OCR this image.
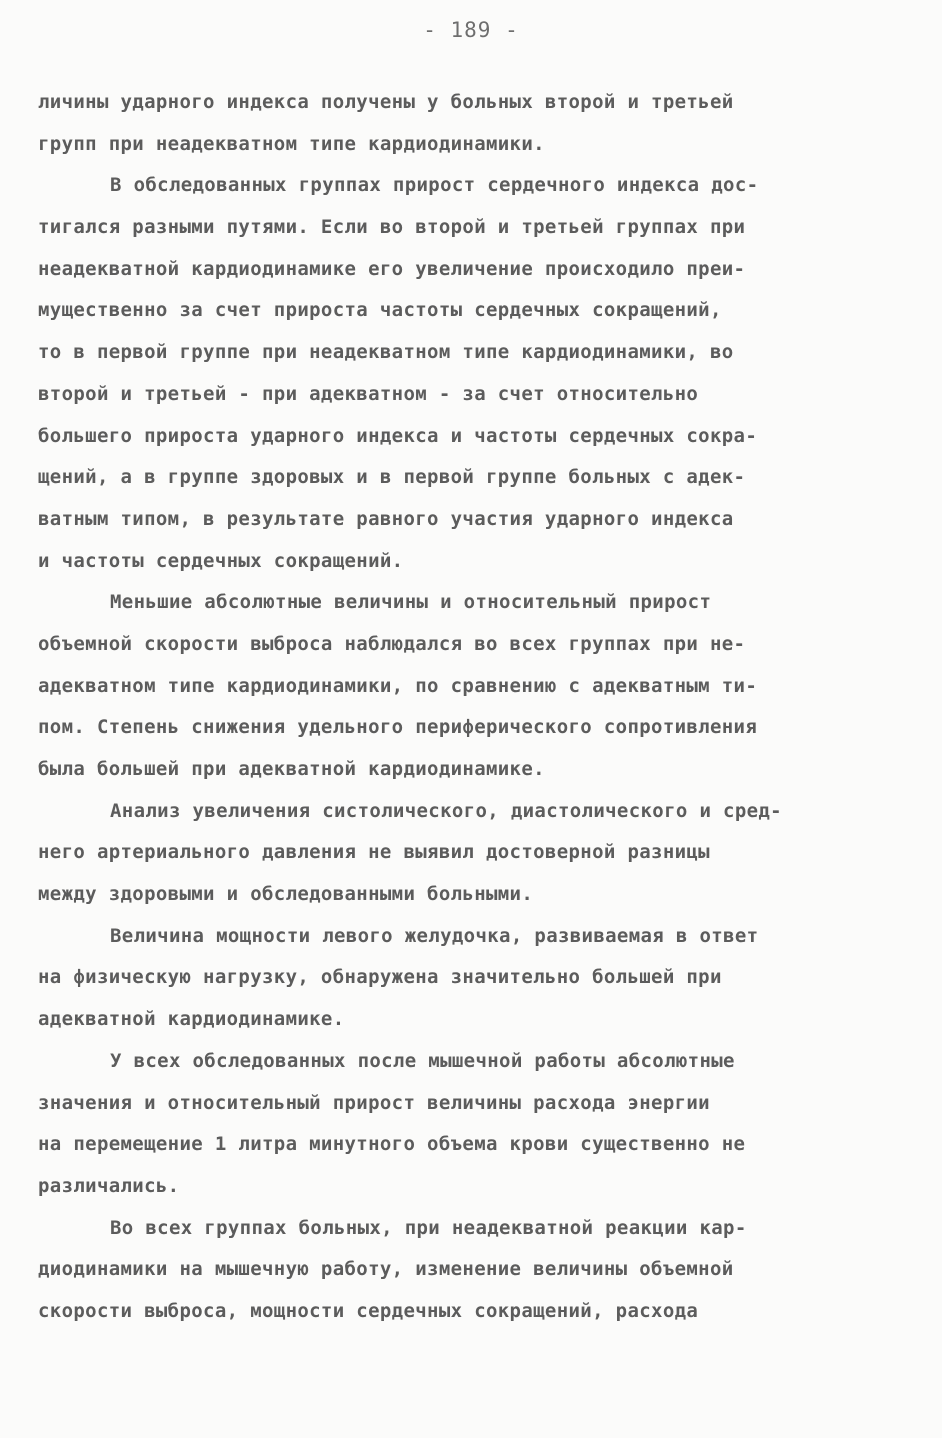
- 189 -
личины ударного индекса получены у больных второй и третьей
групп при неадекватном типе кардиодинамики.
В обследованных группах прирост сердечного индекса дос-
тигался разными путями. Если во второй и третьей группах при
неадекватной кардиодинамике его увеличение происходило преи-
мущественно за счет прироста частоты сердечных сокращений,
то в первой группе при неадекватном типе кардиодинамики, во
второй и третьей - при адекватном - за счет относительно
большего прироста ударного индекса и частоты сердечных сокра-
щений, а в группе здоровых и в первой группе больных с адек-
ватным типом, в результате равного участия ударного индекса
и частоты сердечных сокращений.
Меньшие абсолютные величины и относительный прирост
объемной скорости выброса наблюдался во всех группах при не-
адекватном типе кардиодинамики, по сравнению с адекватным ти-
пом. Степень снижения удельного периферического сопротивления
была большей при адекватной кардиодинамике.
Анализ увеличения систолического, диастолического и сред-
него артериального давления не выявил достоверной разницы
между здоровыми и обследованными больными.
Величина мощности левого желудочка, развиваемая в ответ
на физическую нагрузку, обнаружена значительно большей при
адекватной кардиодинамике.
У всех обследованных после мышечной работы абсолютные
значения и относительный прирост величины расхода энергии
на перемещение 1 литра минутного объема крови существенно не
различались.
Во всех группах больных, при неадекватной реакции кар-
диодинамики на мышечную работу, изменение величины объемной
скорости выброса, мощности сердечных сокращений, расхода
